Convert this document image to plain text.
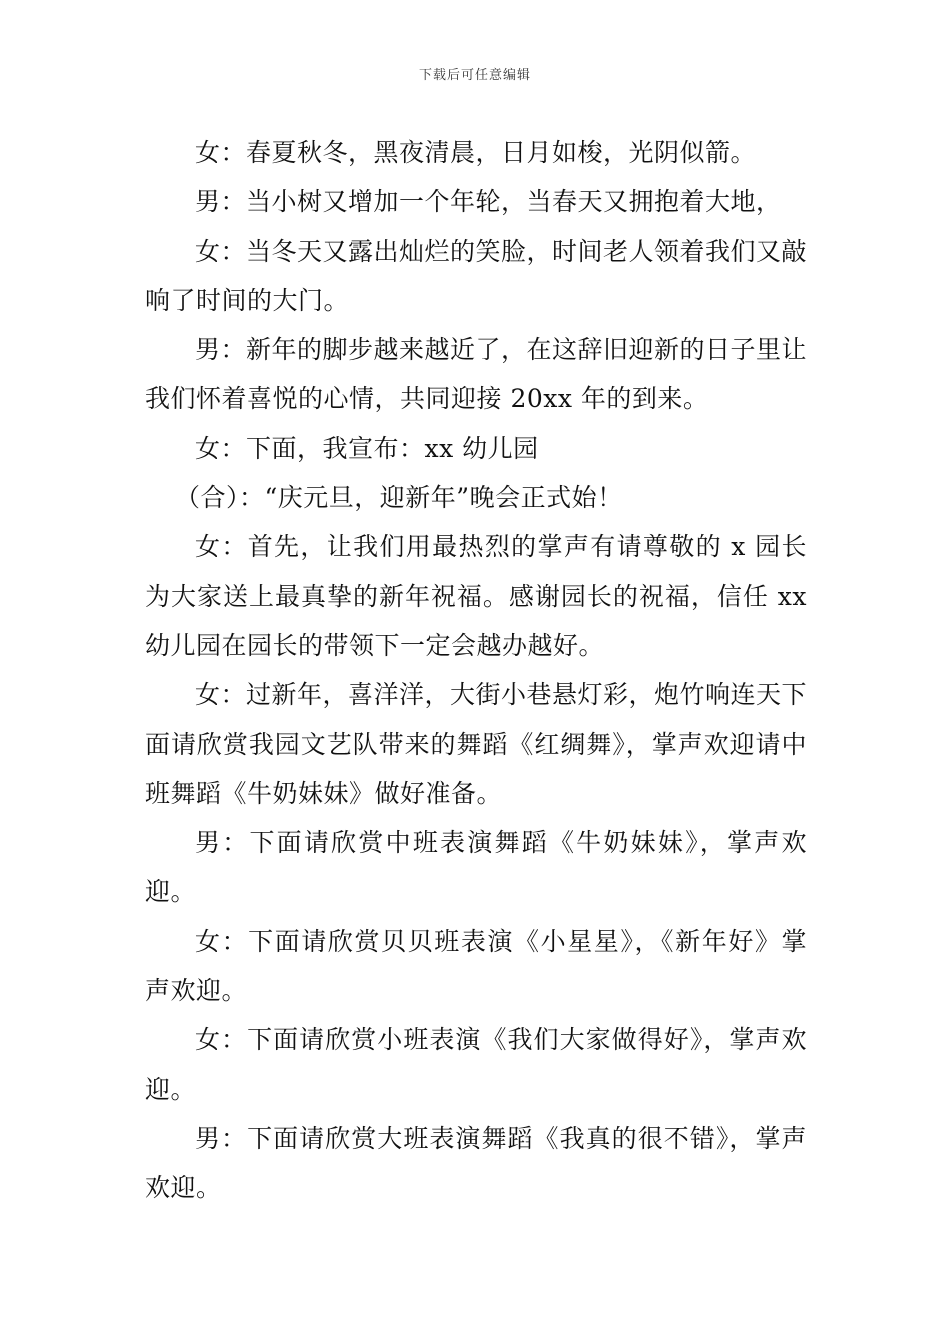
下载后可任意编辑

女：春夏秋冬，黑夜清晨，日月如梭，光阴似箭。

男：当小树又增加一个年轮，当春天又拥抱着大地，

女：当冬天又露出灿烂的笑脸，时间老人领着我们又敲响了时间的大门。

男：新年的脚步越来越近了，在这辞旧迎新的日子里让我们怀着喜悦的心情，共同迎接 20xx 年的到来。

女：下面，我宣布：xx 幼儿园

（合）：“庆元旦，迎新年”晚会正式始！

女：首先，让我们用最热烈的掌声有请尊敬的 x 园长为大家送上最真挚的新年祝福。感谢园长的祝福，信任 xx 幼儿园在园长的带领下一定会越办越好。

女：过新年，喜洋洋，大街小巷悬灯彩，炮竹响连天下面请欣赏我园文艺队带来的舞蹈《红绸舞》，掌声欢迎请中班舞蹈《牛奶妹妹》做好准备。

男：下面请欣赏中班表演舞蹈《牛奶妹妹》，掌声欢迎。

女：下面请欣赏贝贝班表演《小星星》，《新年好》掌声欢迎。

女：下面请欣赏小班表演《我们大家做得好》，掌声欢迎。

男：下面请欣赏大班表演舞蹈《我真的很不错》，掌声欢迎。
